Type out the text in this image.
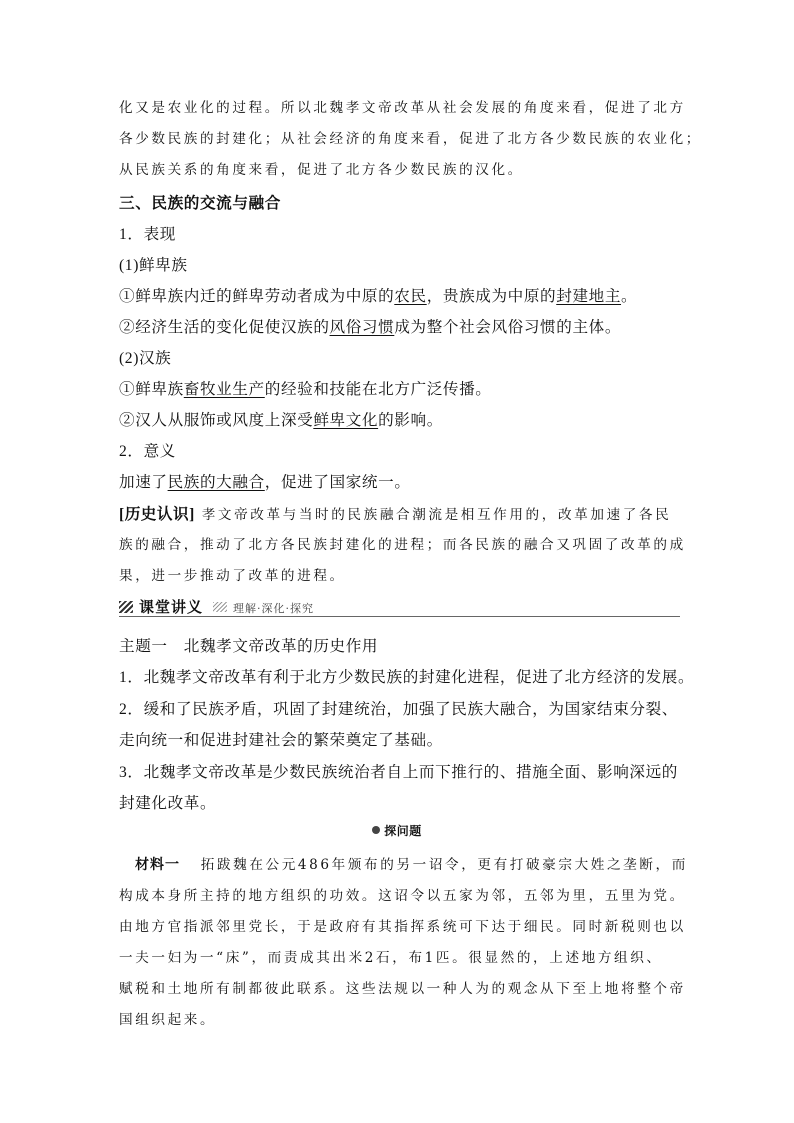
化又是农业化的过程。所以北魏孝文帝改革从社会发展的角度来看，促进了北方
各少数民族的封建化；从社会经济的角度来看，促进了北方各少数民族的农业化；
从民族关系的角度来看，促进了北方各少数民族的汉化。
三、民族的交流与融合
1．表现
(1)鲜卑族
①鲜卑族内迁的鲜卑劳动者成为中原的农民，贵族成为中原的封建地主。
②经济生活的变化促使汉族的风俗习惯成为整个社会风俗习惯的主体。
(2)汉族
①鲜卑族畜牧业生产的经验和技能在北方广泛传播。
②汉人从服饰或风度上深受鲜卑文化的影响。
2．意义
加速了民族的大融合，促进了国家统一。
[历史认识] 孝文帝改革与当时的民族融合潮流是相互作用的，改革加速了各民
族的融合，推动了北方各民族封建化的进程；而各民族的融合又巩固了改革的成
果，进一步推动了改革的进程。
课堂讲义	理解·深化·探究
主题一　北魏孝文帝改革的历史作用
1．北魏孝文帝改革有利于北方少数民族的封建化进程，促进了北方经济的发展。
2．缓和了民族矛盾，巩固了封建统治，加强了民族大融合，为国家结束分裂、
走向统一和促进封建社会的繁荣奠定了基础。
3．北魏孝文帝改革是少数民族统治者自上而下推行的、措施全面、影响深远的
封建化改革。
探问题
材料一 拓跋魏在公元486年颁布的另一诏令，更有打破豪宗大姓之垄断，而
构成本身所主持的地方组织的功效。这诏令以五家为邻，五邻为里，五里为党。
由地方官指派邻里党长，于是政府有其指挥系统可下达于细民。同时新税则也以
一夫一妇为一“床”，而责成其出米2石，布1匹。很显然的，上述地方组织、
赋税和土地所有制都彼此联系。这些法规以一种人为的观念从下至上地将整个帝
国组织起来。
